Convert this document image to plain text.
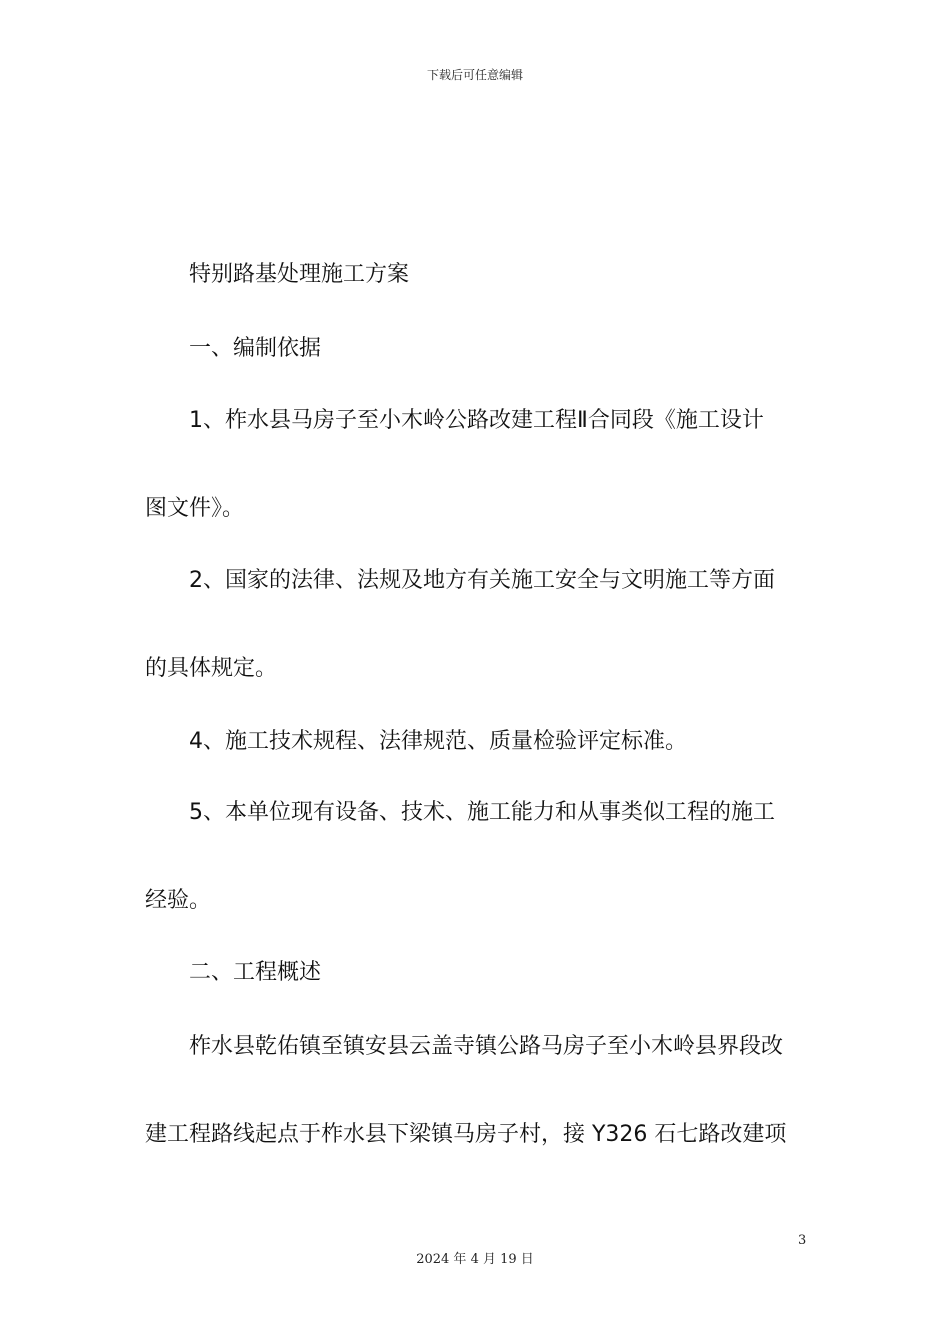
下载后可任意编辑
特别路基处理施工方案
一、编制依据
1、柞水县马房子至小木岭公路改建工程Ⅱ合同段《施工设计
图文件》。
2、国家的法律、法规及地方有关施工安全与文明施工等方面
的具体规定。
4、施工技术规程、法律规范、质量检验评定标准。
5、本单位现有设备、技术、施工能力和从事类似工程的施工
经验。
二、工程概述
柞水县乾佑镇至镇安县云盖寺镇公路马房子至小木岭县界段改
建工程路线起点于柞水县下梁镇马房子村，接 Y326 石七路改建项
3
2024 年 4 月 19 日
